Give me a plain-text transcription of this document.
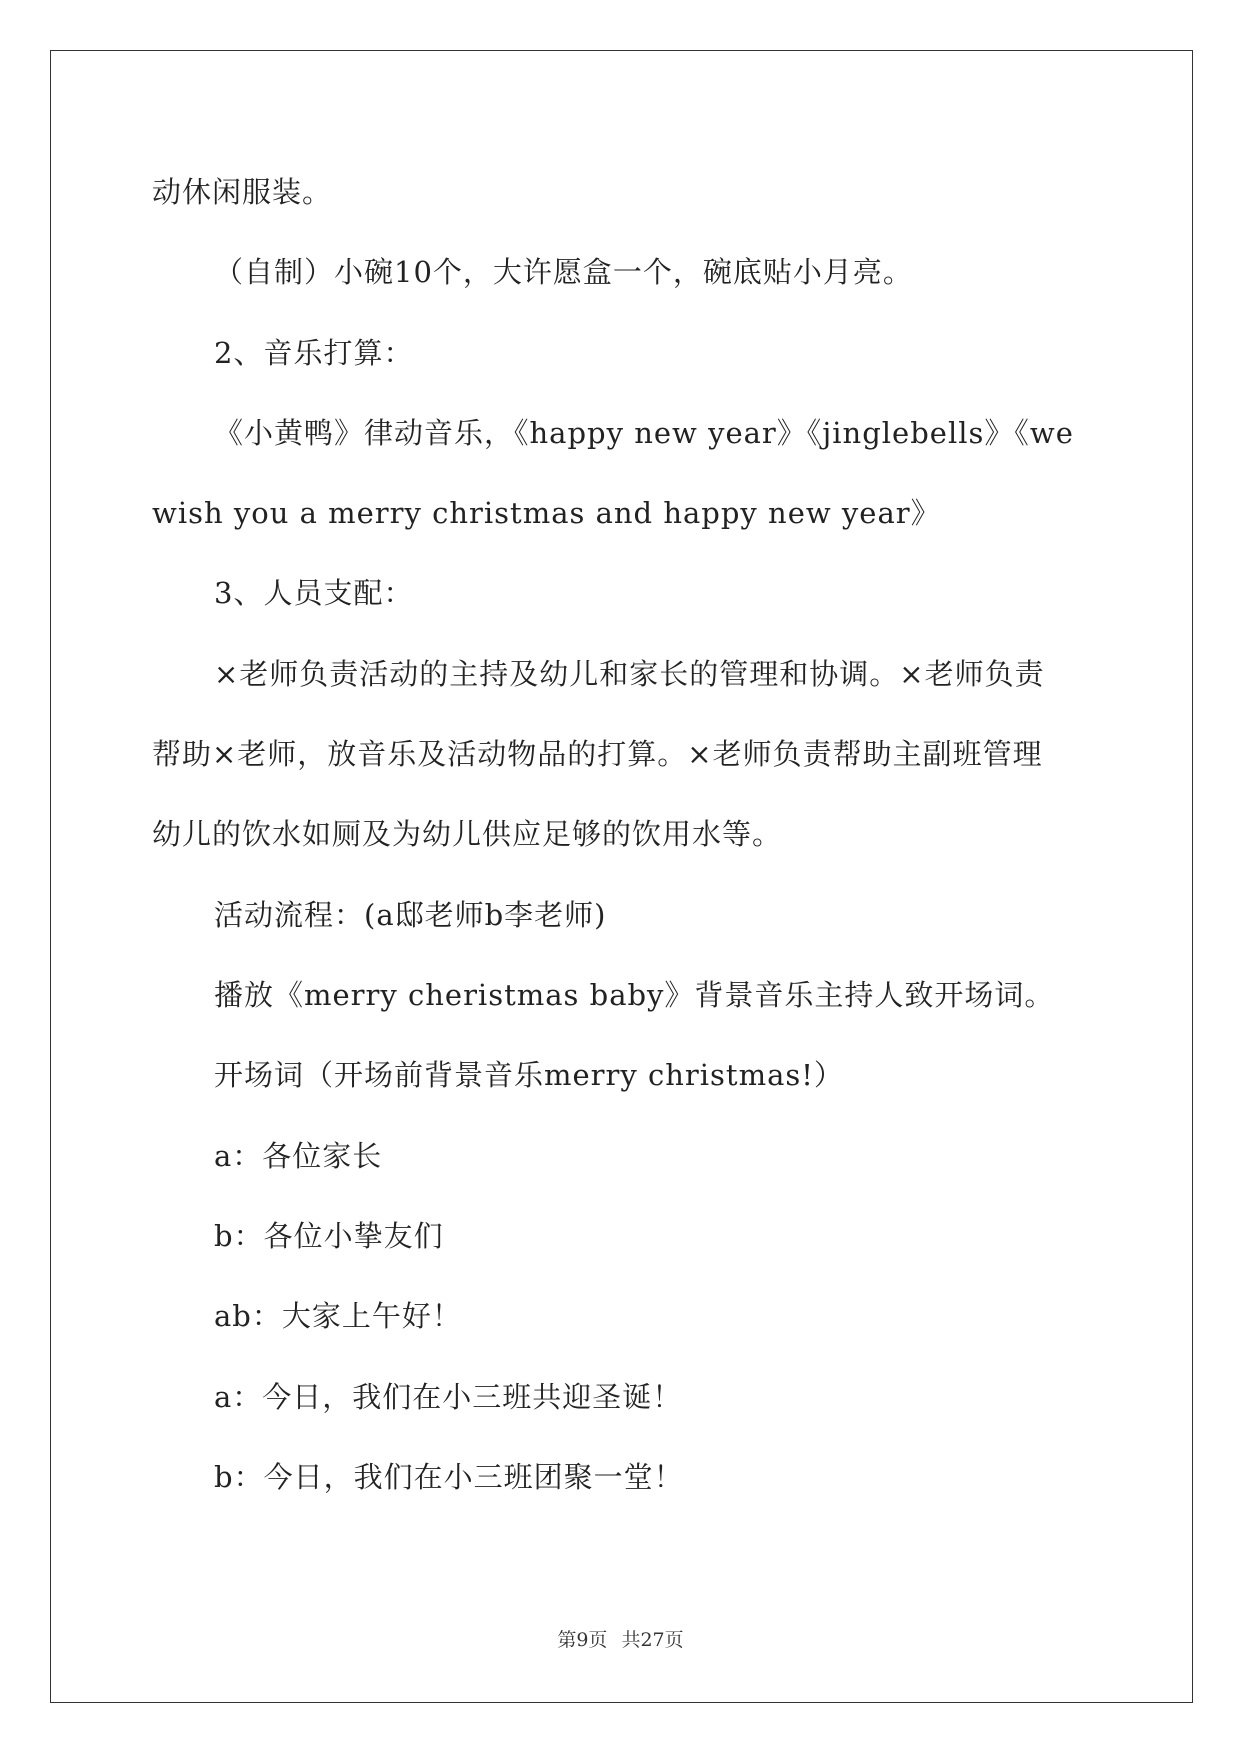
动休闲服装。
（自制）小碗10个，大许愿盒一个，碗底贴小月亮。
2、音乐打算：
《小黄鸭》律动音乐，《happy new year》《jinglebells》《we
wish you a merry christmas and happy new year》
3、人员支配：
×老师负责活动的主持及幼儿和家长的管理和协调。×老师负责
帮助×老师，放音乐及活动物品的打算。×老师负责帮助主副班管理
幼儿的饮水如厕及为幼儿供应足够的饮用水等。
活动流程：(a邸老师b李老师)
播放《merry cheristmas baby》背景音乐主持人致开场词。
开场词（开场前背景音乐merry christmas!）
a：各位家长
b：各位小挚友们
ab：大家上午好！
a：今日，我们在小三班共迎圣诞！
b：今日，我们在小三班团聚一堂！
第9页 共27页
